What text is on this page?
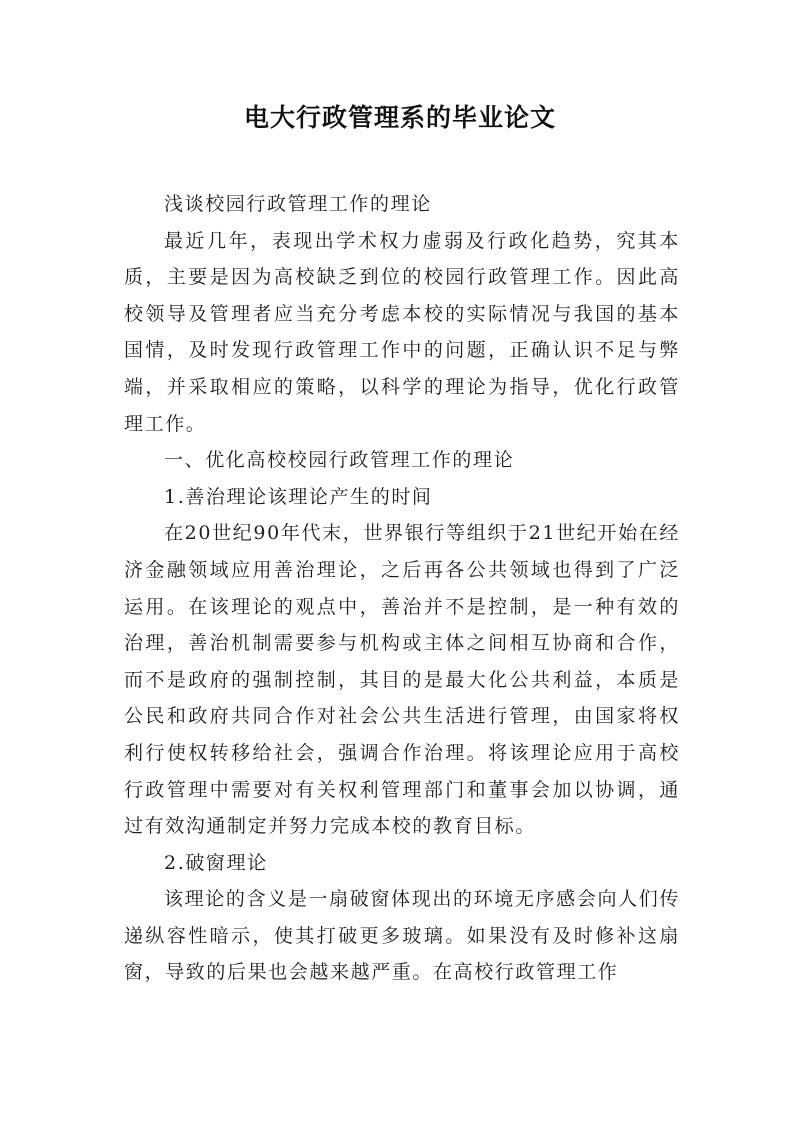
电大行政管理系的毕业论文

浅谈校园行政管理工作的理论

最近几年，表现出学术权力虚弱及行政化趋势，究其本质，主要是因为高校缺乏到位的校园行政管理工作。因此高校领导及管理者应当充分考虑本校的实际情况与我国的基本国情，及时发现行政管理工作中的问题，正确认识不足与弊端，并采取相应的策略，以科学的理论为指导，优化行政管理工作。

一、优化高校校园行政管理工作的理论

1.善治理论该理论产生的时间

在20世纪90年代末，世界银行等组织于21世纪开始在经济金融领域应用善治理论，之后再各公共领域也得到了广泛运用。在该理论的观点中，善治并不是控制，是一种有效的治理，善治机制需要参与机构或主体之间相互协商和合作，而不是政府的强制控制，其目的是最大化公共利益，本质是公民和政府共同合作对社会公共生活进行管理，由国家将权利行使权转移给社会，强调合作治理。将该理论应用于高校行政管理中需要对有关权利管理部门和董事会加以协调，通过有效沟通制定并努力完成本校的教育目标。

2.破窗理论

该理论的含义是一扇破窗体现出的环境无序感会向人们传递纵容性暗示，使其打破更多玻璃。如果没有及时修补这扇窗，导致的后果也会越来越严重。在高校行政管理工作
